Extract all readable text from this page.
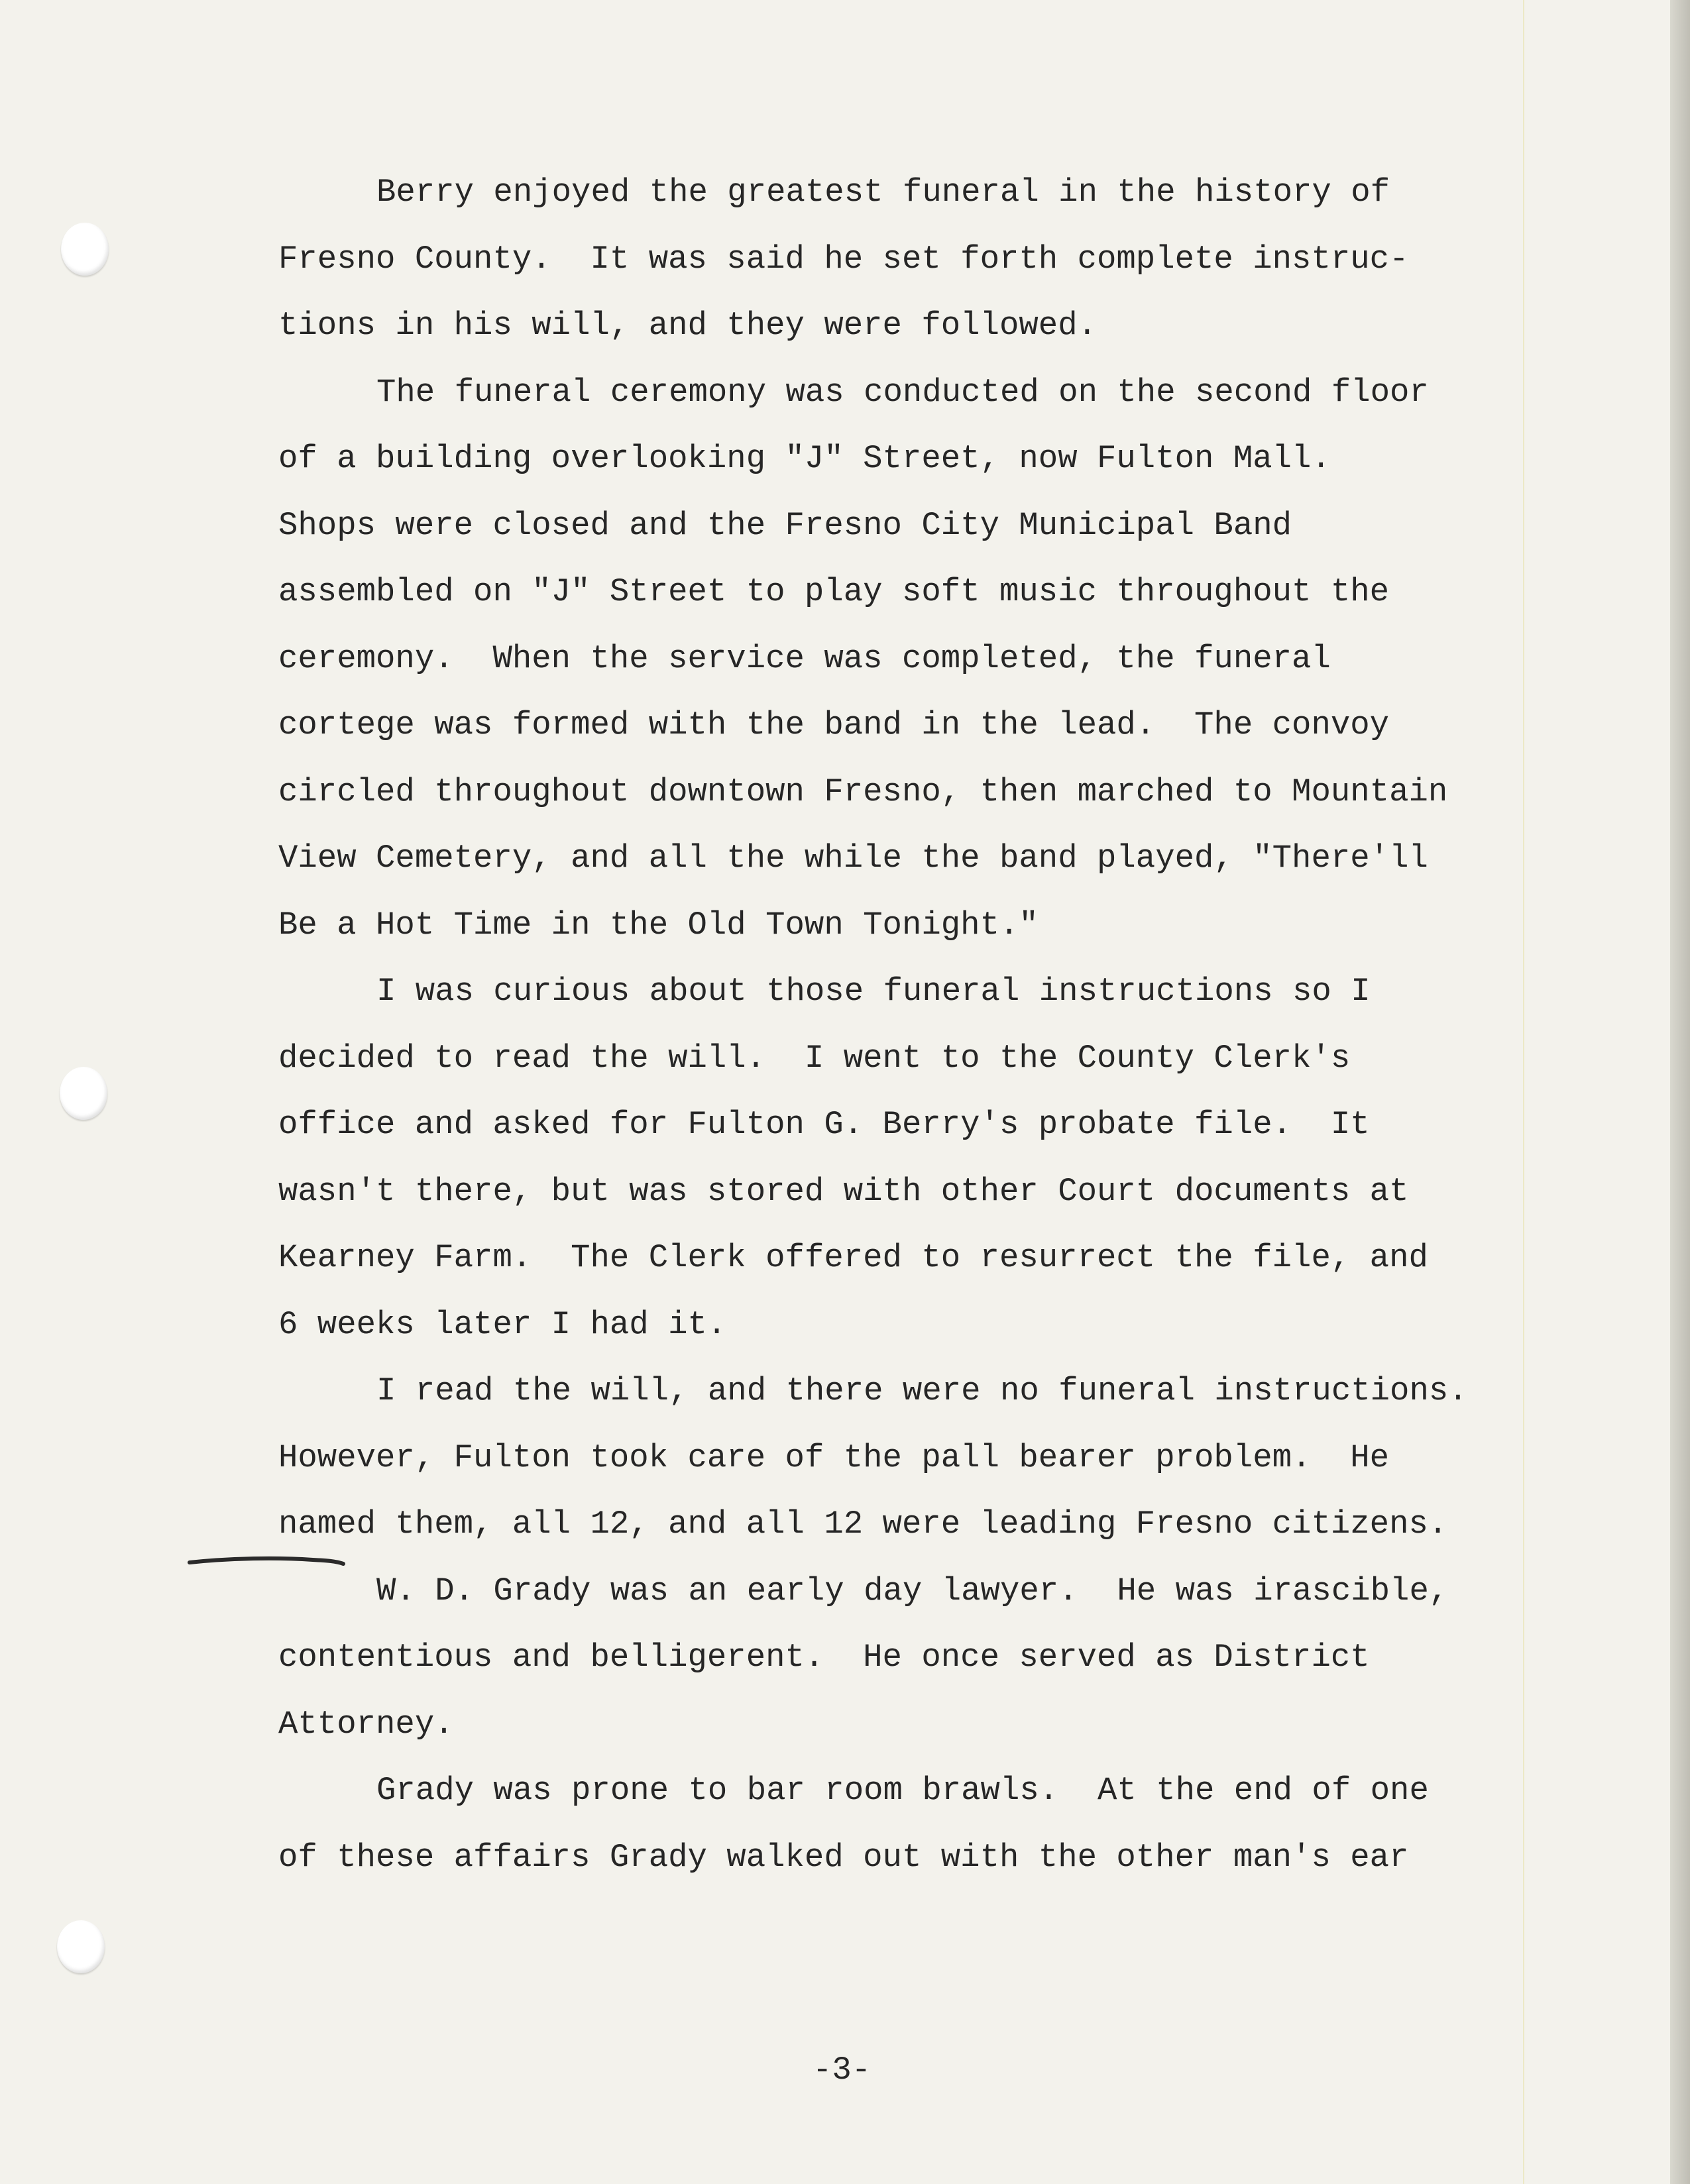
Berry enjoyed the greatest funeral in the history of
Fresno County.  It was said he set forth complete instruc-
tions in his will, and they were followed.

The funeral ceremony was conducted on the second floor
of a building overlooking "J" Street, now Fulton Mall.
Shops were closed and the Fresno City Municipal Band
assembled on "J" Street to play soft music throughout the
ceremony.  When the service was completed, the funeral
cortege was formed with the band in the lead.  The convoy
circled throughout downtown Fresno, then marched to Mountain
View Cemetery, and all the while the band played, "There'll
Be a Hot Time in the Old Town Tonight."

I was curious about those funeral instructions so I
decided to read the will.  I went to the County Clerk's
office and asked for Fulton G. Berry's probate file.  It
wasn't there, but was stored with other Court documents at
Kearney Farm.  The Clerk offered to resurrect the file, and
6 weeks later I had it.

I read the will, and there were no funeral instructions.
However, Fulton took care of the pall bearer problem.  He
named them, all 12, and all 12 were leading Fresno citizens.

W. D. Grady was an early day lawyer.  He was irascible,
contentious and belligerent.  He once served as District
Attorney.

Grady was prone to bar room brawls.  At the end of one
of these affairs Grady walked out with the other man's ear

-3-
